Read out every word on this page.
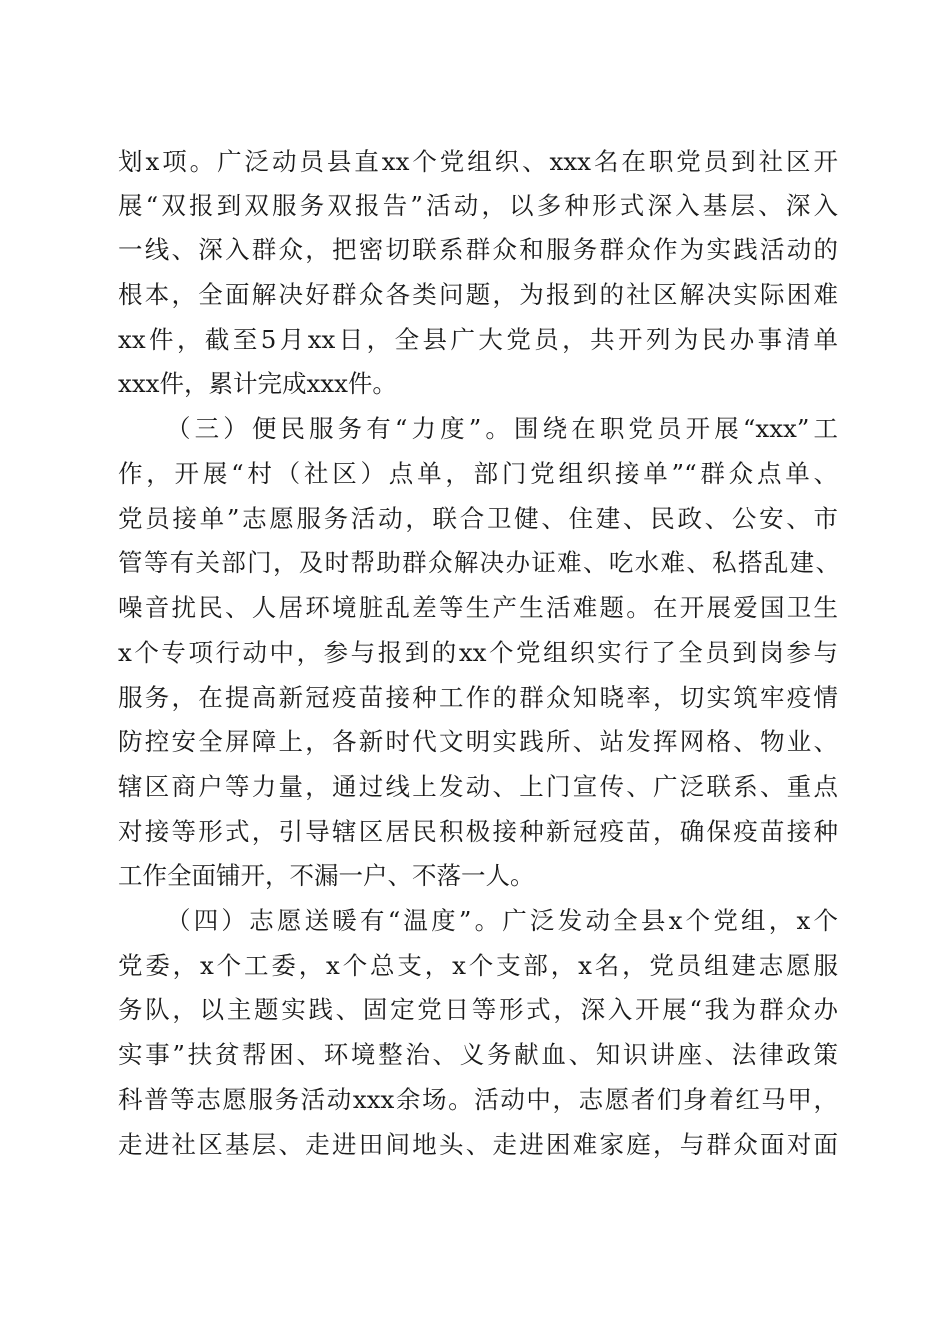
划x项。广泛动员县直xx个党组织、xxx名在职党员到社区开
展“双报到双服务双报告”活动，以多种形式深入基层、深入
一线、深入群众，把密切联系群众和服务群众作为实践活动的
根本，全面解决好群众各类问题，为报到的社区解决实际困难
xx件，截至5月xx日，全县广大党员，共开列为民办事清单
xxx件，累计完成xxx件。
（三）便民服务有“力度”。围绕在职党员开展“xxx”工
作，开展“村（社区）点单，部门党组织接单”“群众点单、
党员接单”志愿服务活动，联合卫健、住建、民政、公安、市
管等有关部门，及时帮助群众解决办证难、吃水难、私搭乱建、
噪音扰民、人居环境脏乱差等生产生活难题。在开展爱国卫生
x个专项行动中，参与报到的xx个党组织实行了全员到岗参与
服务，在提高新冠疫苗接种工作的群众知晓率，切实筑牢疫情
防控安全屏障上，各新时代文明实践所、站发挥网格、物业、
辖区商户等力量，通过线上发动、上门宣传、广泛联系、重点
对接等形式，引导辖区居民积极接种新冠疫苗，确保疫苗接种
工作全面铺开，不漏一户、不落一人。
（四）志愿送暖有“温度”。广泛发动全县x个党组，x个
党委，x个工委，x个总支，x个支部，x名，党员组建志愿服
务队，以主题实践、固定党日等形式，深入开展“我为群众办
实事”扶贫帮困、环境整治、义务献血、知识讲座、法律政策
科普等志愿服务活动xxx余场。活动中，志愿者们身着红马甲，
走进社区基层、走进田间地头、走进困难家庭，与群众面对面
